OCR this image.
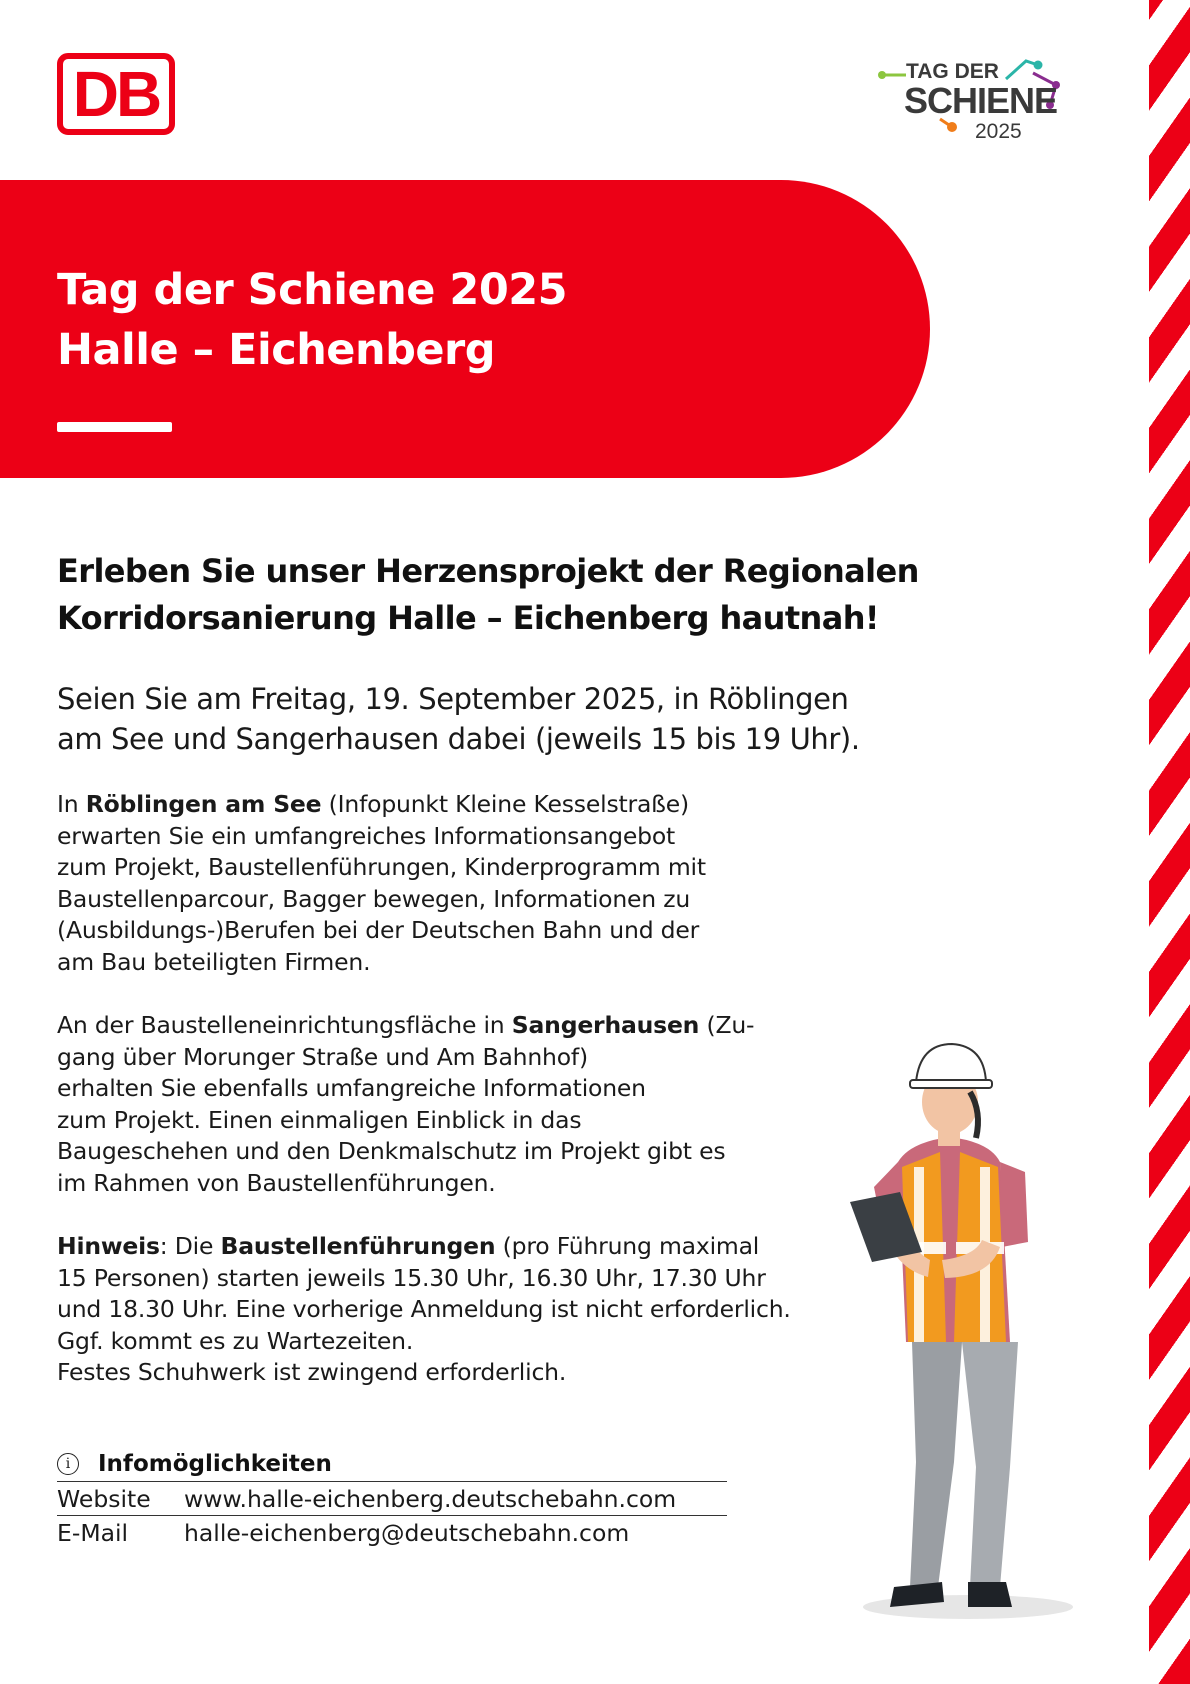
DB	TAG DER
SCHIENE
2025
Tag der Schiene 2025
Halle – Eichenberg
Erleben Sie unser Herzensprojekt der Regionalen
Korridorsanierung Halle – Eichenberg hautnah!
Seien Sie am Freitag, 19. September 2025, in Röblingen
am See und Sangerhausen dabei (jeweils 15 bis 19 Uhr).
In Röblingen am See (Infopunkt Kleine Kesselstraße)
erwarten Sie ein umfangreiches Informationsangebot
zum Projekt, Baustellenführungen, Kinderprogramm mit
Baustellenparcour, Bagger bewegen, Informationen zu
(Ausbildungs-)Berufen bei der Deutschen Bahn und der
am Bau beteiligten Firmen.
An der Baustelleneinrichtungsfläche in Sangerhausen (Zu-
gang über Morunger Straße und Am Bahnhof)
erhalten Sie ebenfalls umfangreiche Informationen
zum Projekt. Einen einmaligen Einblick in das
Baugeschehen und den Denkmalschutz im Projekt gibt es
im Rahmen von Baustellenführungen.
Hinweis: Die Baustellenführungen (pro Führung maximal
15 Personen) starten jeweils 15.30 Uhr, 16.30 Uhr, 17.30 Uhr
und 18.30 Uhr. Eine vorherige Anmeldung ist nicht erforderlich.
Ggf. kommt es zu Wartezeiten.
Festes Schuhwerk ist zwingend erforderlich.
i	Infomöglichkeiten
Website	www.halle-eichenberg.deutschebahn.com
E-Mail	halle-eichenberg@deutschebahn.com
